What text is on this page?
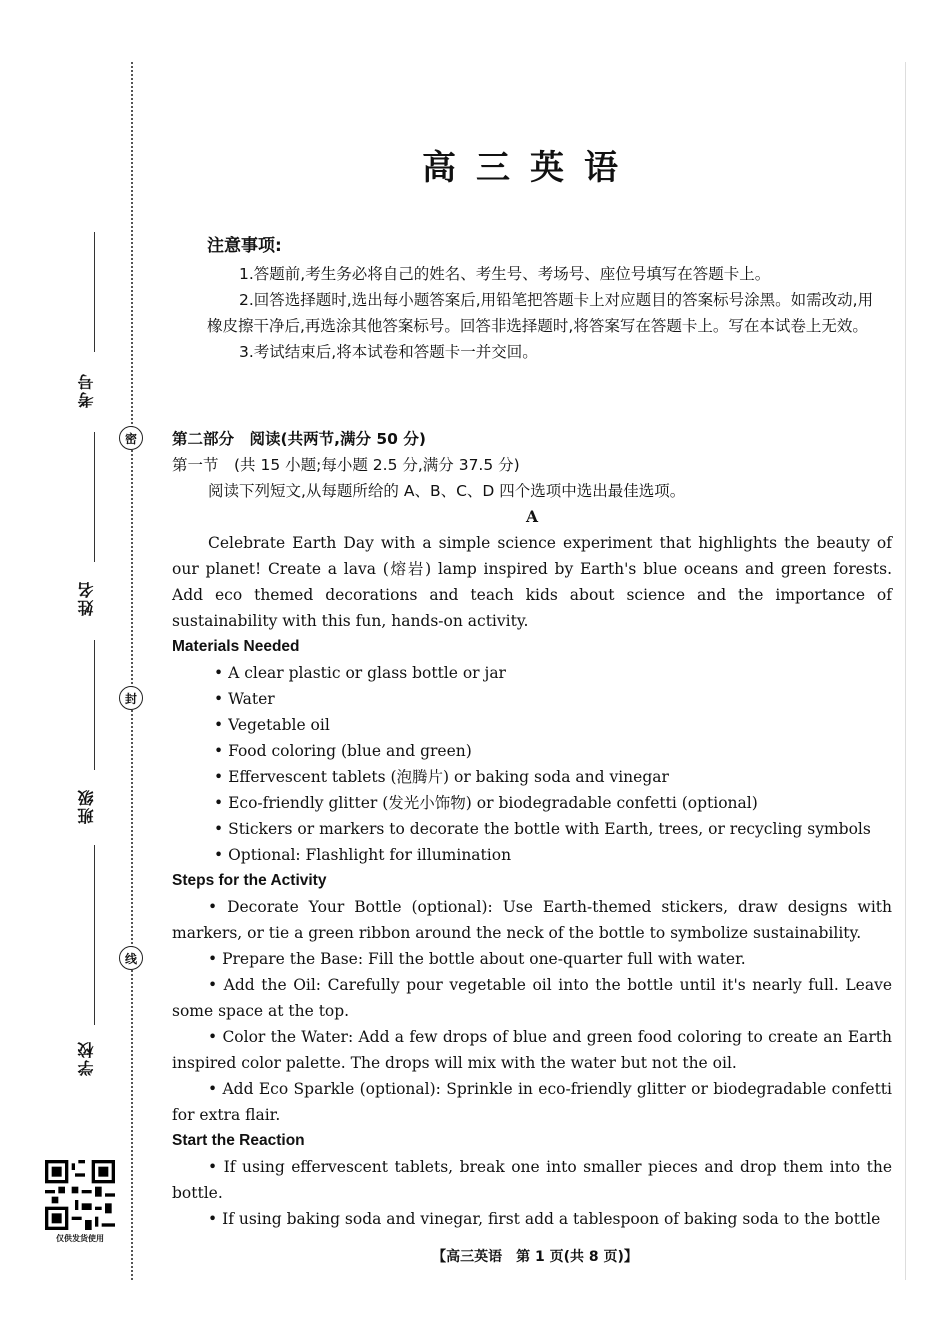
考号
姓名
班级
学校
密
封
线
仅供发货使用
高三英语

注意事项:

1.答题前,考生务必将自己的姓名、考生号、考场号、座位号填写在答题卡上。

2.回答选择题时,选出每小题答案后,用铅笔把答题卡上对应题目的答案标号涂黑。如需改动,用橡皮擦干净后,再选涂其他答案标号。回答非选择题时,将答案写在答题卡上。写在本试卷上无效。

3.考试结束后,将本试卷和答题卡一并交回。

第二部分　阅读(共两节,满分 50 分)

第一节　(共 15 小题;每小题 2.5 分,满分 37.5 分)

阅读下列短文,从每题所给的 A、B、C、D 四个选项中选出最佳选项。

A

Celebrate Earth Day with a simple science experiment that highlights the beauty of our planet! Create a lava (熔岩) lamp inspired by Earth's blue oceans and green forests. Add eco themed decorations and teach kids about science and the importance of sustainability with this fun, hands-on activity.

Materials Needed

• A clear plastic or glass bottle or jar
• Water
• Vegetable oil
• Food coloring (blue and green)
• Effervescent tablets (泡腾片) or baking soda and vinegar
• Eco-friendly glitter (发光小饰物) or biodegradable confetti (optional)
• Stickers or markers to decorate the bottle with Earth, trees, or recycling symbols
• Optional: Flashlight for illumination

Steps for the Activity

• Decorate Your Bottle (optional): Use Earth-themed stickers, draw designs with markers, or tie a green ribbon around the neck of the bottle to symbolize sustainability.

• Prepare the Base: Fill the bottle about one-quarter full with water.

• Add the Oil: Carefully pour vegetable oil into the bottle until it's nearly full. Leave some space at the top.

• Color the Water: Add a few drops of blue and green food coloring to create an Earth inspired color palette. The drops will mix with the water but not the oil.

• Add Eco Sparkle (optional): Sprinkle in eco-friendly glitter or biodegradable confetti for extra flair.

Start the Reaction

• If using effervescent tablets, break one into smaller pieces and drop them into the bottle.

• If using baking soda and vinegar, first add a tablespoon of baking soda to the bottle

【高三英语　第 1 页(共 8 页)】
